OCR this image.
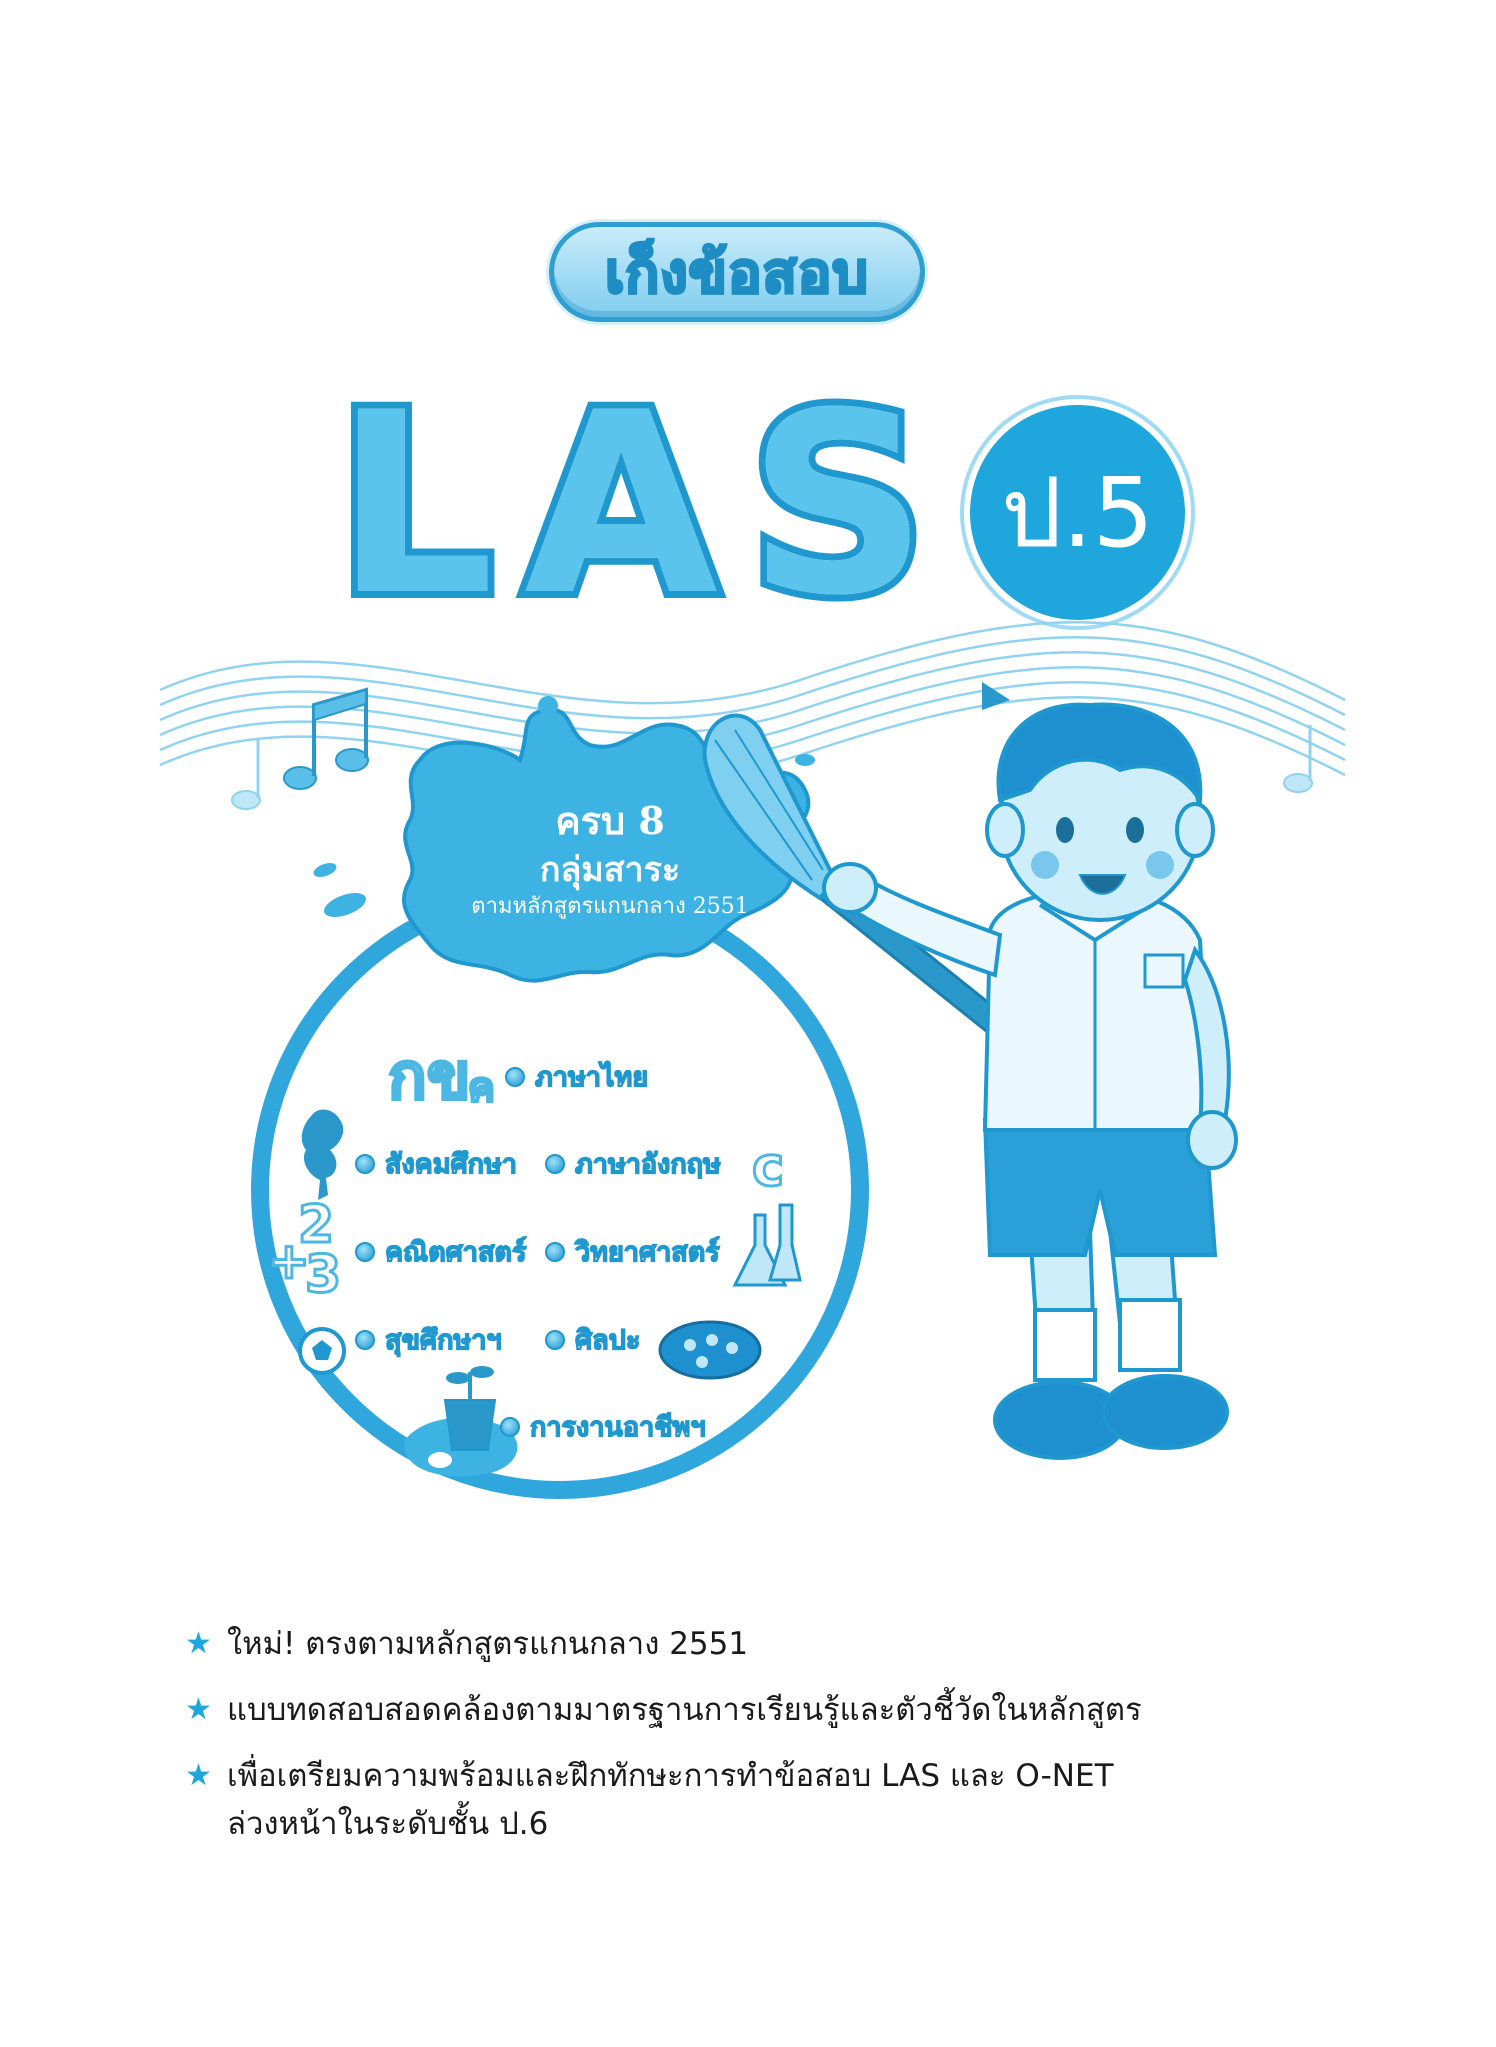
เก็งข้อสอบ
LAS ป.5
ครบ 8
กลุ่มสาระ
ตามหลักสูตรแกนกลาง 2551
กข
ค
c
+
2
3
ภาษาไทย
สังคมศึกษา ภาษาอังกฤษ
คณิตศาสตร์ วิทยาศาสตร์
สุขศึกษาฯ	ศิลปะ
การงานอาชีพฯ
★ ใหม่! ตรงตามหลักสูตรแกนกลาง 2551
★ แบบทดสอบสอดคล้องตามมาตรฐานการเรียนรู้และตัวชี้วัดในหลักสูตร
★ เพื่อเตรียมความพร้อมและฝึกทักษะการทำข้อสอบ LAS และ O-NET
ล่วงหน้าในระดับชั้น ป.6
